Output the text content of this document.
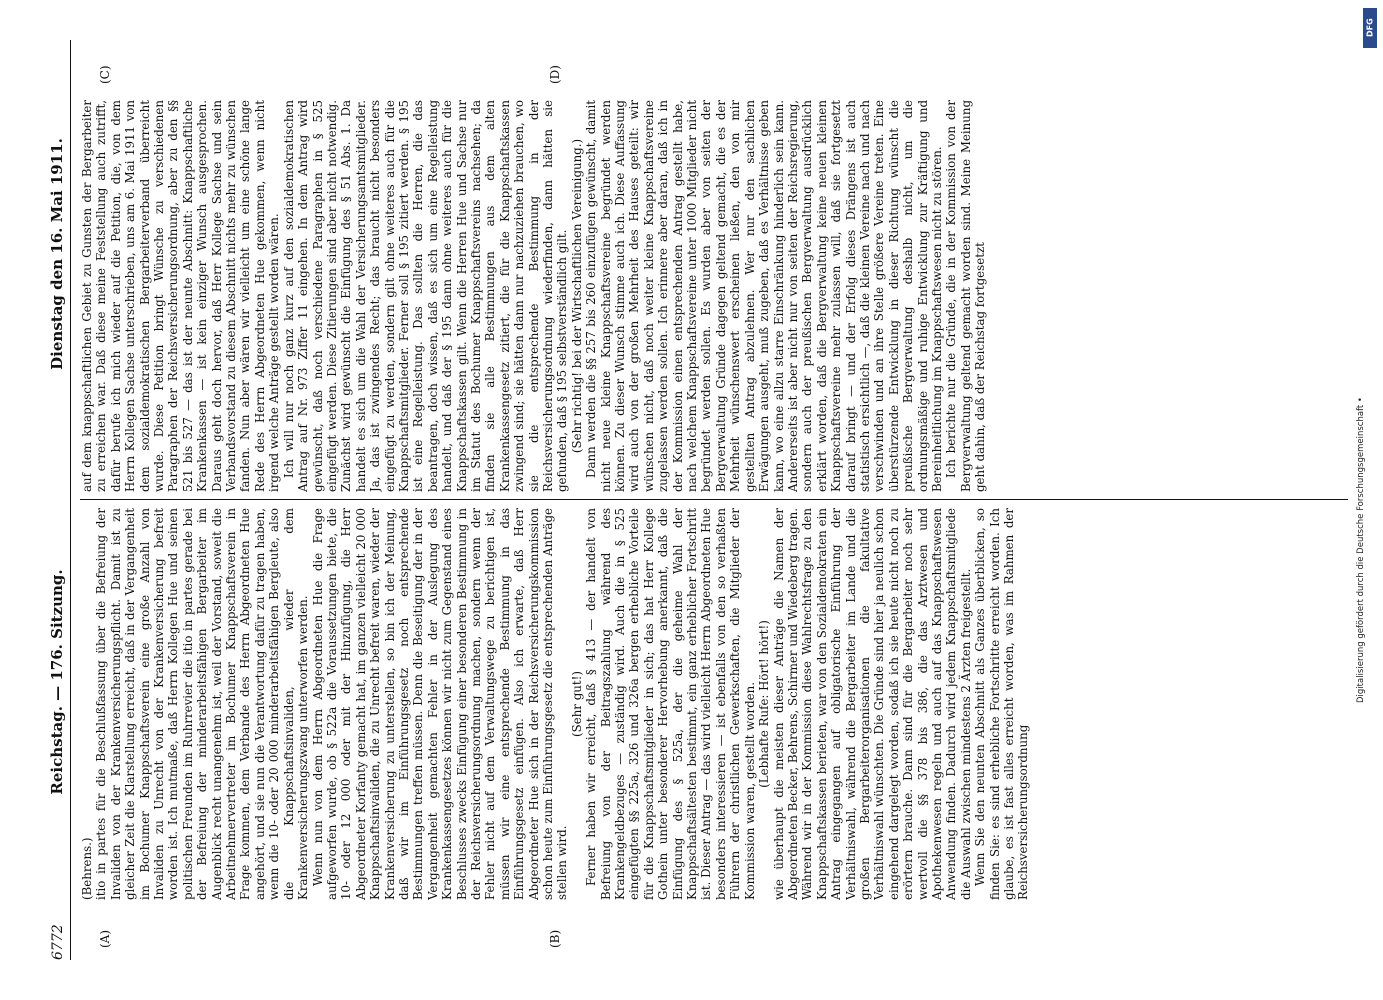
6772
Reichstag. — 176. Sitzung.
Dienstag den 16. Mai 1911.
(A)	(B)
(C)	(D)

(Behrens.) itio in partes für die Beschlußfassung über die Befreiung der Invaliden von der Krankenversicherungspflicht. Damit ist zu gleicher Zeit die Klarstellung erreicht, daß in der Vergangenheit im Bochumer Knappschaftsverein eine große Anzahl von Invaliden zu Unrecht von der Krankenversicherung befreit worden ist. Ich mutmaße, daß Herrn Kollegen Hue und seinen politischen Freunden im Ruhrrevier die itio in partes gerade bei der Befreiung der minderarbeitsfähigen Bergarbeiter im Augenblick recht unangenehm ist, weil der Vorstand, soweit die Arbeitnehmervertreter im Bochumer Knappschaftsverein in Frage kommen, dem Verbande des Herrn Abgeordneten Hue angehört, und sie nun die Verantwortung dafür zu tragen haben, wenn die 10- oder 20 000 minderarbeitsfähigen Bergleute, also die Knappschaftsinvaliden, wieder dem Krankenversicherungszwang unterworfen werden. Wenn nun von dem Herrn Abgeordneten Hue die Frage aufgeworfen wurde, ob § 522a die Voraussetzungen biete, die 10- oder 12 000 oder mit der Hinzufügung, die Herr Abgeordneter Korfanty gemacht hat, im ganzen vielleicht 20 000 Knappschaftsinvaliden, die zu Unrecht befreit waren, wieder der Krankenversicherung zu unterstellen, so bin ich der Meinung, daß wir im Einführungsgesetz noch entsprechende Bestimmungen treffen müssen. Denn die Beseitigung der in der Vergangenheit gemachten Fehler in der Auslegung des Krankenkassengesetzes können wir nicht zum Gegenstand eines Beschlusses zwecks Einfügung einer besonderen Bestimmung in der Reichsversicherungsordnung machen, sondern wenn der Fehler nicht auf dem Verwaltungswege zu berichtigen ist, müssen wir eine entsprechende Bestimmung in das Einführungsgesetz einfügen. Also ich erwarte, daß Herr Abgeordneter Hue sich in der Reichsversicherungskommission schon heute zum Einführungsgesetz die entsprechenden Anträge stellen wird.

(Sehr gut!) Ferner haben wir erreicht, daß § 413 — der handelt von Befreiung von der Beitragszahlung während des Krankengeldbezuges — zuständig wird. Auch die in § 525 eingefügten §§ 225a, 326 und 326a bergen erhebliche Vorteile für die Knappschaftsmitglieder in sich; das hat Herr Kollege Gothein unter besonderer Hervorhebung anerkannt, daß die Einfügung des § 525a, der die geheime Wahl der Knappschaftsältesten bestimmt, ein ganz erheblicher Fortschritt ist. Dieser Antrag — das wird vielleicht Herrn Abgeordneten Hue besonders interessieren — ist ebenfalls von den so verhaßten Führern der christlichen Gewerkschaften, die Mitglieder der Kommission waren, gestellt worden. (Lebhafte Rufe: Hört! hört!) wie überhaupt die meisten dieser Anträge die Namen der Abgeordneten Becker, Behrens, Schirmer und Wiedeberg tragen. Während wir in der Kommission diese Wahlrechtsfrage zu den Knappschaftskassen berieten, war von den Sozialdemokraten ein Antrag eingegangen auf obligatorische Einführung der Verhältniswahl, während die Bergarbeiter im Lande und die großen Bergarbeiterorganisationen die fakultative Verhältniswahl wünschten. Die Gründe sind hier ja neulich schon eingehend dargelegt worden, sodaß ich sie heute nicht noch zu erörtern brauche. Dann sind für die Bergarbeiter noch sehr wertvoll die §§ 378 bis 386, die das Arztwesen und Apothekenwesen regeln und auch auf das Knappschaftswesen Anwendung finden. Dadurch wird jedem Knappschaftsmitgliede die Auswahl zwischen mindestens 2 Ärzten freigestellt. Wenn Sie den neunten Abschnitt als Ganzes überblicken, so finden Sie: es sind erhebliche Fortschritte erreicht worden. Ich glaube, es ist fast alles erreicht worden, was im Rahmen der Reichsversicherungsordnung

auf dem knappschaftlichen Gebiet zu Gunsten der Bergarbeiter zu erreichen war. Daß diese meine Feststellung auch zutrifft, dafür berufe ich mich wieder auf die Petition, die, von dem Herrn Kollegen Sachse unterschrieben, uns am 6. Mai 1911 von dem sozialdemokratischen Bergarbeiterverband überreicht wurde. Diese Petition bringt Wünsche zu verschiedenen Paragraphen der Reichsversicherungsordnung, aber zu den §§ 521 bis 527 — das ist der neunte Abschnitt: Knappschaftliche Krankenkassen — ist kein einziger Wunsch ausgesprochen. Daraus geht doch hervor, daß Herr Kollege Sachse und sein Verbandsvorstand zu diesem Abschnitt nichts mehr zu wünschen fanden. Nun aber wären wir vielleicht um eine schöne lange Rede des Herrn Abgeordneten Hue gekommen, wenn nicht irgend welche Anträge gestellt worden wären. Ich will nur noch ganz kurz auf den sozialdemokratischen Antrag auf Nr. 973 Ziffer 11 eingehen. In dem Antrag wird gewünscht, daß noch verschiedene Paragraphen in § 525 eingefügt werden. Diese Zitierungen sind aber nicht notwendig. Zunächst wird gewünscht die Einfügung des § 51 Abs. 1. Da handelt es sich um die Wahl der Versicherungsamtsmitglieder. Ja, das ist zwingendes Recht; das braucht nicht besonders eingefügt zu werden, sondern gilt ohne weiteres auch für die Knappschaftsmitglieder. Ferner soll § 195 zitiert werden. § 195 ist eine Regelleistung. Das sollten die Herren, die das beantragen, doch wissen, daß es sich um eine Regelleistung handelt, und daß der § 195 dann ohne weiteres auch für die Knappschaftskassen gilt. Wenn die Herren Hue und Sachse nur im Statut des Bochumer Knappschaftsvereins nachsehen; da finden sie alle Bestimmungen aus dem alten Krankenkassengesetz zitiert, die für die Knappschaftskassen zwingend sind; sie hätten dann nur nachzuziehen brauchen, wo sie die entsprechende Bestimmung in der Reichsversicherungsordnung wiederfinden, dann hätten sie gefunden, daß § 195 selbstverständlich gilt. (Sehr richtig! bei der Wirtschaftlichen Vereinigung.) Dann werden die §§ 257 bis 260 einzufügen gewünscht, damit nicht neue kleine Knappschaftsvereine begründet werden können. Zu dieser Wunsch stimme auch ich. Diese Auffassung wird auch von der großen Mehrheit des Hauses geteilt: wir wünschen nicht, daß noch weiter kleine Knappschaftsvereine zugelassen werden sollen. Ich erinnere aber daran, daß ich in der Kommission einen entsprechenden Antrag gestellt habe, nach welchem Knappschaftsvereine unter 1000 Mitglieder nicht begründet werden sollen. Es wurden aber von seiten der Bergverwaltung Gründe dagegen geltend gemacht, die es der Mehrheit wünschenswert erscheinen ließen, den von mir gestellten Antrag abzulehnen. Wer nur den sachlichen Erwägungen ausgeht, muß zugeben, daß es Verhältnisse geben kann, wo eine allzu starre Einschränkung hinderlich sein kann. Andererseits ist aber nicht nur von seiten der Reichsregierung, sondern auch der preußischen Bergverwaltung ausdrücklich erklärt worden, daß die Bergverwaltung keine neuen kleinen Knappschaftsvereine mehr zulassen will, daß sie fortgesetzt darauf bringt — und der Erfolg dieses Drängens ist auch statistisch ersichtlich —, daß die kleinen Vereine nach und nach verschwinden und an ihre Stelle größere Vereine treten. Eine überstürzende Entwicklung in dieser Richtung wünscht die preußische Bergverwaltung deshalb nicht, um die ordnungsmäßige und ruhige Entwicklung zur Kräftigung und Bereinheitlichung im Knappschaftswesen nicht zu stören. Ich berichte nur die Gründe, die in der Kommission von der Bergverwaltung geltend gemacht worden sind. Meine Meinung geht dahin, daß der Reichstag fortgesetzt

Digitalisierung gefördert durch die Deutsche Forschungsgemeinschaft •
DFG
